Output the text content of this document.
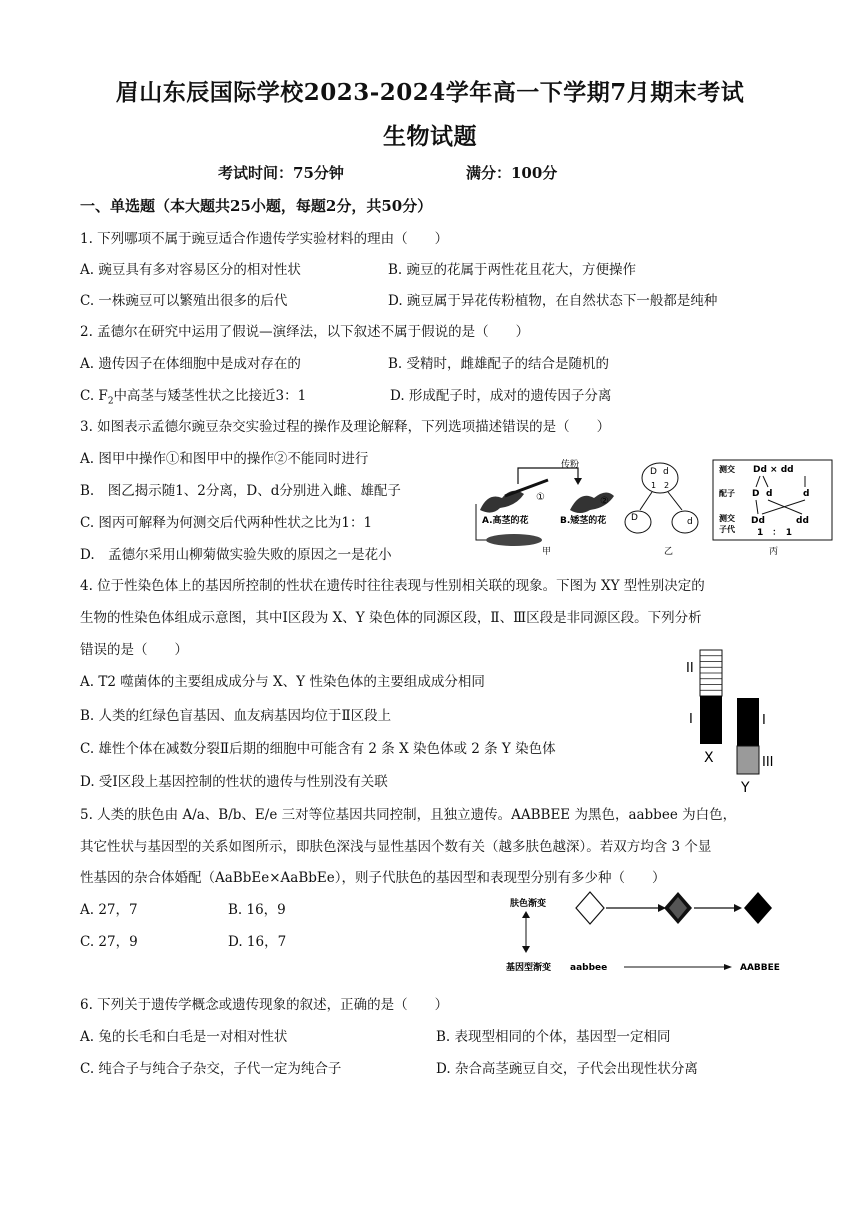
眉山东辰国际学校2023-2024学年高一下学期7月期末考试
生物试题
考试时间：75分钟	满分：100分
一、单选题（本大题共25小题，每题2分，共50分）
1. 下列哪项不属于豌豆适合作遗传学实验材料的理由（　　）
A. 豌豆具有多对容易区分的相对性状	B. 豌豆的花属于两性花且花大，方便操作
C. 一株豌豆可以繁殖出很多的后代	D. 豌豆属于异花传粉植物，在自然状态下一般都是纯种
2. 孟德尔在研究中运用了假说—演绎法，以下叙述不属于假说的是（　　）
A. 遗传因子在体细胞中是成对存在的	B. 受精时，雌雄配子的结合是随机的
C. $F_2$中高茎与矮茎性状之比接近3：1	D. 形成配子时，成对的遗传因子分离
3. 如图表示孟德尔豌豆杂交实验过程的操作及理论解释，下列选项描述错误的是（　　）
A. 图甲中操作①和图甲中的操作②不能同时进行
B.　图乙揭示随1、2分离，D、d分别进入雌、雄配子
C. 图丙可解释为何测交后代两种性状之比为1：1
D.　孟德尔采用山柳菊做实验失败的原因之一是花小
传粉
①	②
A.高茎的花	B.矮茎的花
甲
D d
1 2
D	d
乙
测交 Dd × dd
配子 D d	d
测交
子代
Dd	dd
1　：　1
丙
4. 位于性染色体上的基因所控制的性状在遗传时往往表现与性别相关联的现象。下图为 XY 型性别决定的
生物的性染色体组成示意图，其中Ⅰ区段为 X、Y 染色体的同源区段，Ⅱ、Ⅲ区段是非同源区段。下列分析
错误的是（　　）
A. T2 噬菌体的主要组成成分与 X、Y 性染色体的主要组成成分相同
B. 人类的红绿色盲基因、血友病基因均位于Ⅱ区段上
C. 雄性个体在减数分裂Ⅱ后期的细胞中可能含有 2 条 X 染色体或 2 条 Y 染色体
D. 受Ⅰ区段上基因控制的性状的遗传与性别没有关联
II
I	I
III
X
Y
5. 人类的肤色由 A/a、B/b、E/e 三对等位基因共同控制，且独立遗传。AABBEE 为黑色，aabbee 为白色，
其它性状与基因型的关系如图所示，即肤色深浅与显性基因个数有关（越多肤色越深）。若双方均含 3 个显
性基因的杂合体婚配（AaBbEe×AaBbEe），则子代肤色的基因型和表现型分别有多少种（　　）
A. 27，7	B. 16，9
C. 27，9	D. 16，7
肤色渐变
基因型渐变 aabbee	AABBEE
6. 下列关于遗传学概念或遗传现象的叙述，正确的是（　　）
A. 兔的长毛和白毛是一对相对性状	B. 表现型相同的个体，基因型一定相同
C. 纯合子与纯合子杂交，子代一定为纯合子	D. 杂合高茎豌豆自交，子代会出现性状分离
